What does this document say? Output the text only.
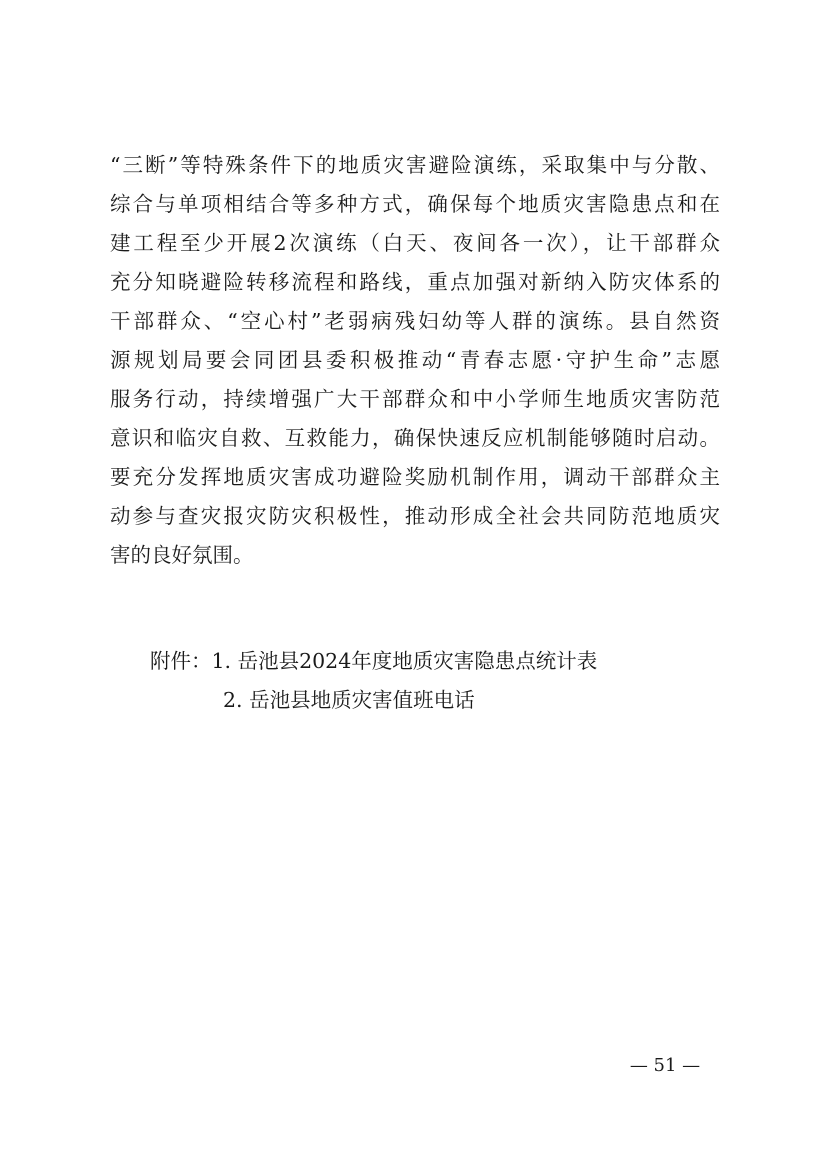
“三断”等特殊条件下的地质灾害避险演练，采取集中与分散、
综合与单项相结合等多种方式，确保每个地质灾害隐患点和在
建工程至少开展2次演练（白天、夜间各一次），让干部群众
充分知晓避险转移流程和路线，重点加强对新纳入防灾体系的
干部群众、“空心村”老弱病残妇幼等人群的演练。县自然资
源规划局要会同团县委积极推动“青春志愿·守护生命”志愿
服务行动，持续增强广大干部群众和中小学师生地质灾害防范
意识和临灾自救、互救能力，确保快速反应机制能够随时启动。
要充分发挥地质灾害成功避险奖励机制作用，调动干部群众主
动参与查灾报灾防灾积极性，推动形成全社会共同防范地质灾
害的良好氛围。
附件：1. 岳池县2024年度地质灾害隐患点统计表
2. 岳池县地质灾害值班电话
— 51 —
